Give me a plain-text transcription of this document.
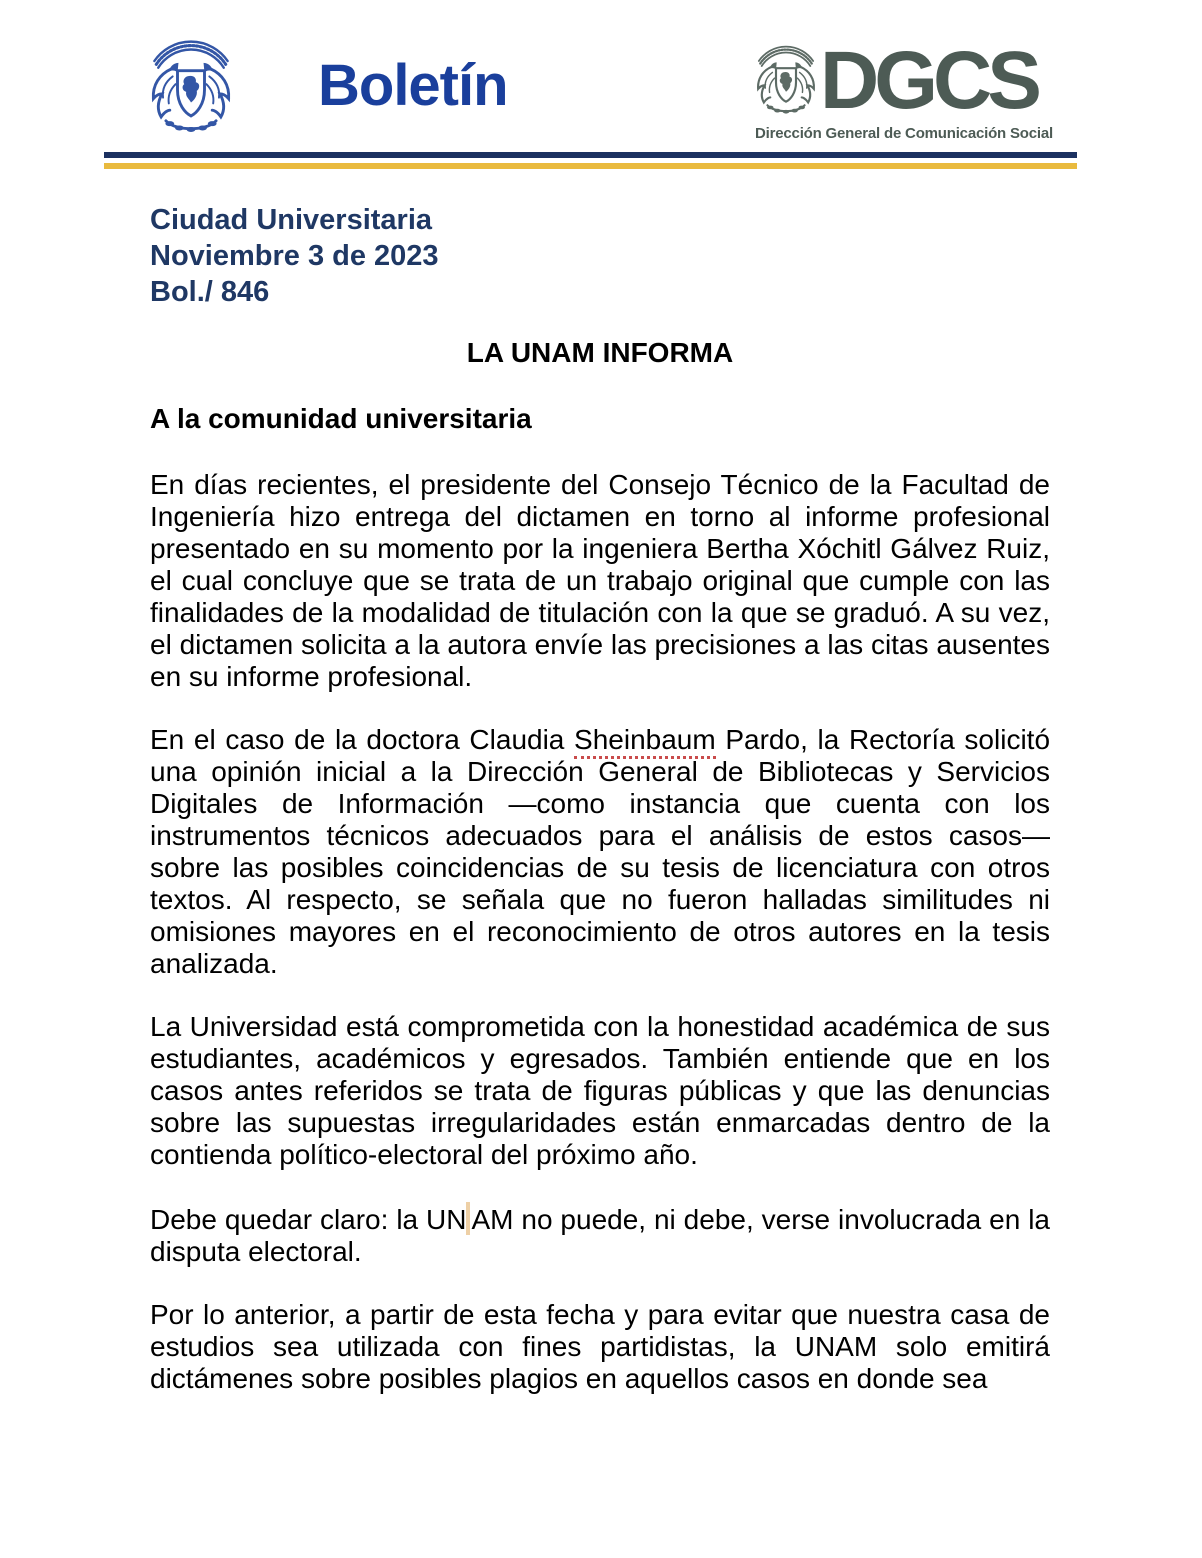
Boletín	DGCS
Dirección General de Comunicación Social
Ciudad Universitaria
Noviembre 3 de 2023
Bol./ 846
LA UNAM INFORMA
A la comunidad universitaria

En días recientes, el presidente del Consejo Técnico de la Facultad de Ingeniería hizo entrega del dictamen en torno al informe profesional presentado en su momento por la ingeniera Bertha Xóchitl Gálvez Ruiz, el cual concluye que se trata de un trabajo original que cumple con las finalidades de la modalidad de titulación con la que se graduó. A su vez, el dictamen solicita a la autora envíe las precisiones a las citas ausentes en su informe profesional.

En el caso de la doctora Claudia Sheinbaum Pardo, la Rectoría solicitó una opinión inicial a la Dirección General de Bibliotecas y Servicios Digitales de Información —como instancia que cuenta con los instrumentos técnicos adecuados para el análisis de estos casos— sobre las posibles coincidencias de su tesis de licenciatura con otros textos. Al respecto, se señala que no fueron halladas similitudes ni omisiones mayores en el reconocimiento de otros autores en la tesis analizada.

La Universidad está comprometida con la honestidad académica de sus estudiantes, académicos y egresados. También entiende que en los casos antes referidos se trata de figuras públicas y que las denuncias sobre las supuestas irregularidades están enmarcadas dentro de la contienda político-electoral del próximo año.

Debe quedar claro: la UN AM no puede, ni debe, verse involucrada en la disputa electoral.

Por lo anterior, a partir de esta fecha y para evitar que nuestra casa de estudios sea utilizada con fines partidistas, la UNAM solo emitirá dictámenes sobre posibles plagios en aquellos casos en donde sea
